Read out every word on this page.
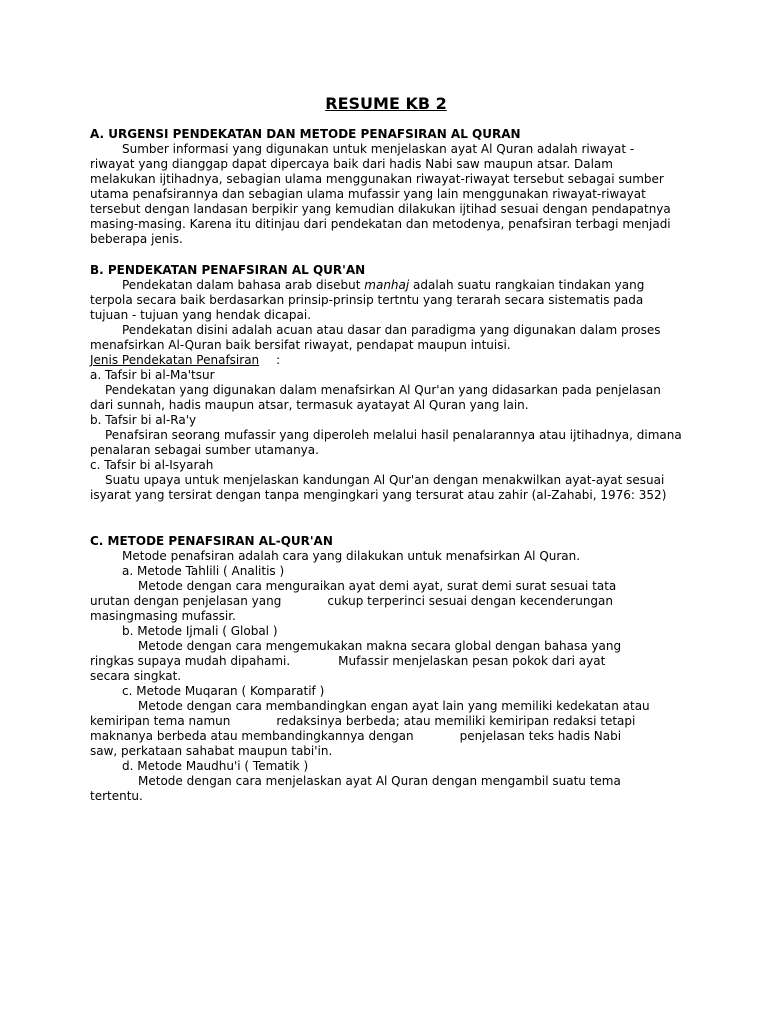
RESUME KB 2

A. URGENSI PENDEKATAN DAN METODE PENAFSIRAN AL QURAN

Sumber informasi yang digunakan untuk menjelaskan ayat Al Quran adalah riwayat - riwayat yang dianggap dapat dipercaya baik dari hadis Nabi saw maupun atsar. Dalam melakukan ijtihadnya, sebagian ulama menggunakan riwayat-riwayat tersebut sebagai sumber utama penafsirannya dan sebagian ulama mufassir yang lain menggunakan riwayat-riwayat tersebut dengan landasan berpikir yang kemudian dilakukan ijtihad sesuai dengan pendapatnya masing-masing. Karena itu ditinjau dari pendekatan dan metodenya, penafsiran terbagi menjadi beberapa jenis.

B. PENDEKATAN PENAFSIRAN AL QUR'AN

Pendekatan dalam bahasa arab disebut manhaj adalah suatu rangkaian tindakan yang terpola secara baik berdasarkan prinsip-prinsip tertntu yang terarah secara sistematis pada tujuan - tujuan yang hendak dicapai.

Pendekatan disini adalah acuan atau dasar dan paradigma yang digunakan dalam proses menafsirkan Al-Quran baik bersifat riwayat, pendapat maupun intuisi.

Jenis Pendekatan Penafsiran :

a. Tafsir bi al-Ma'tsur

Pendekatan yang digunakan dalam menafsirkan Al Qur'an yang didasarkan pada penjelasan dari sunnah, hadis maupun atsar, termasuk ayatayat Al Quran yang lain.

b. Tafsir bi al-Ra'y

Penafsiran seorang mufassir yang diperoleh melalui hasil penalarannya atau ijtihadnya, dimana penalaran sebagai sumber utamanya.

c. Tafsir bi al-Isyarah

Suatu upaya untuk menjelaskan kandungan Al Qur'an dengan menakwilkan ayat-ayat sesuai isyarat yang tersirat dengan tanpa mengingkari yang tersurat atau zahir (al-Zahabi, 1976: 352)

C. METODE PENAFSIRAN AL-QUR'AN

Metode penafsiran adalah cara yang dilakukan untuk menafsirkan Al Quran.

a. Metode Tahlili ( Analitis )

Metode dengan cara menguraikan ayat demi ayat, surat demi surat sesuai tata

urutan dengan penjelasan yang	cukup terperinci sesuai dengan kecenderungan

masingmasing mufassir.

b. Metode Ijmali ( Global )

Metode dengan cara mengemukakan makna secara global dengan bahasa yang

ringkas supaya mudah dipahami.	Mufassir menjelaskan pesan pokok dari ayat

secara singkat.

c. Metode Muqaran ( Komparatif )

Metode dengan cara membandingkan engan ayat lain yang memiliki kedekatan atau

kemiripan tema namun	redaksinya berbeda; atau memiliki kemiripan redaksi tetapi

maknanya berbeda atau membandingkannya dengan	penjelasan teks hadis Nabi

saw, perkataan sahabat maupun tabi'in.

d. Metode Maudhu'i ( Tematik )

Metode dengan cara menjelaskan ayat Al Quran dengan mengambil suatu tema

tertentu.
